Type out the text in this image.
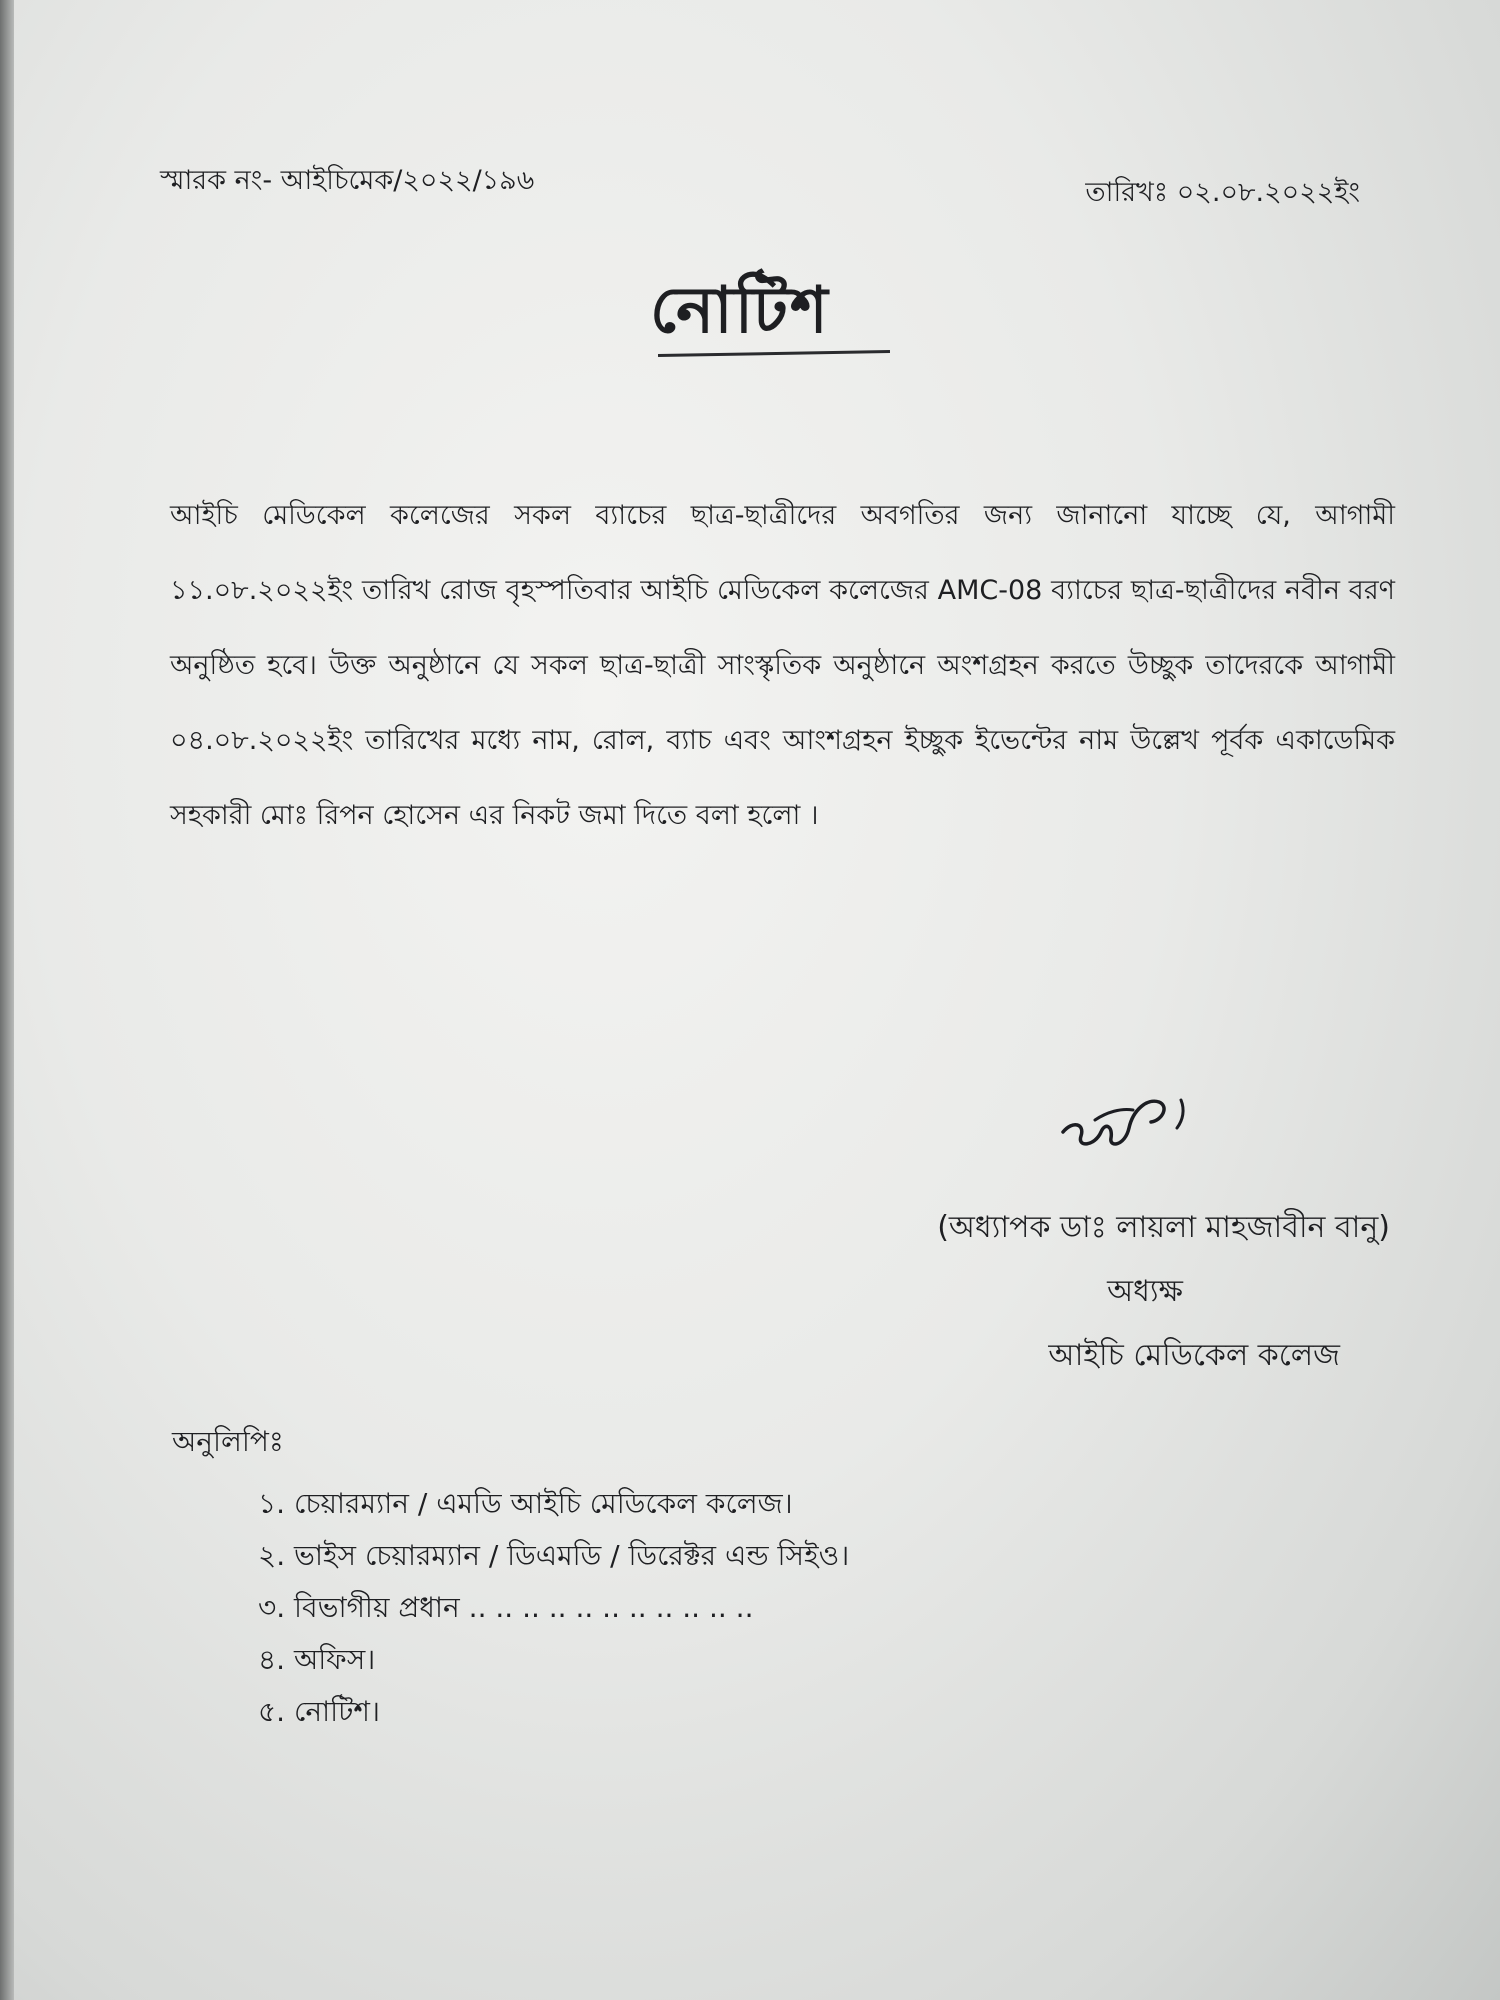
স্মারক নং- আইচিমেক/২০২২/১৯৬	তারিখঃ ০২.০৮.২০২২ইং
নোটিশ
আইচি মেডিকেল কলেজের সকল ব্যাচের ছাত্র-ছাত্রীদের অবগতির জন্য জানানো যাচ্ছে যে, আগামী ১১.০৮.২০২২ইং তারিখ রোজ বৃহস্পতিবার আইচি মেডিকেল কলেজের AMC-08 ব্যাচের ছাত্র-ছাত্রীদের নবীন বরণ অনুষ্ঠিত হবে। উক্ত অনুষ্ঠানে যে সকল ছাত্র-ছাত্রী সাংস্কৃতিক অনুষ্ঠানে অংশগ্রহন করতে উচ্ছুক তাদেরকে আগামী ০৪.০৮.২০২২ইং তারিখের মধ্যে নাম, রোল, ব্যাচ এবং আংশগ্রহন ইচ্ছুক ইভেন্টের নাম উল্লেখ পূর্বক একাডেমিক সহকারী মোঃ রিপন হোসেন এর নিকট জমা দিতে বলা হলো ।
(অধ্যাপক ডাঃ লায়লা মাহজাবীন বানু)
অধ্যক্ষ
আইচি মেডিকেল কলেজ
অনুলিপিঃ
১. চেয়ারম্যান / এমডি আইচি মেডিকেল কলেজ।
২. ভাইস চেয়ারম্যান / ডিএমডি / ডিরেক্টর এন্ড সিইও।
৩. বিভাগীয় প্রধান .. .. .. .. .. .. .. .. .. .. ..
৪. অফিস।
৫. নোটিশ।
